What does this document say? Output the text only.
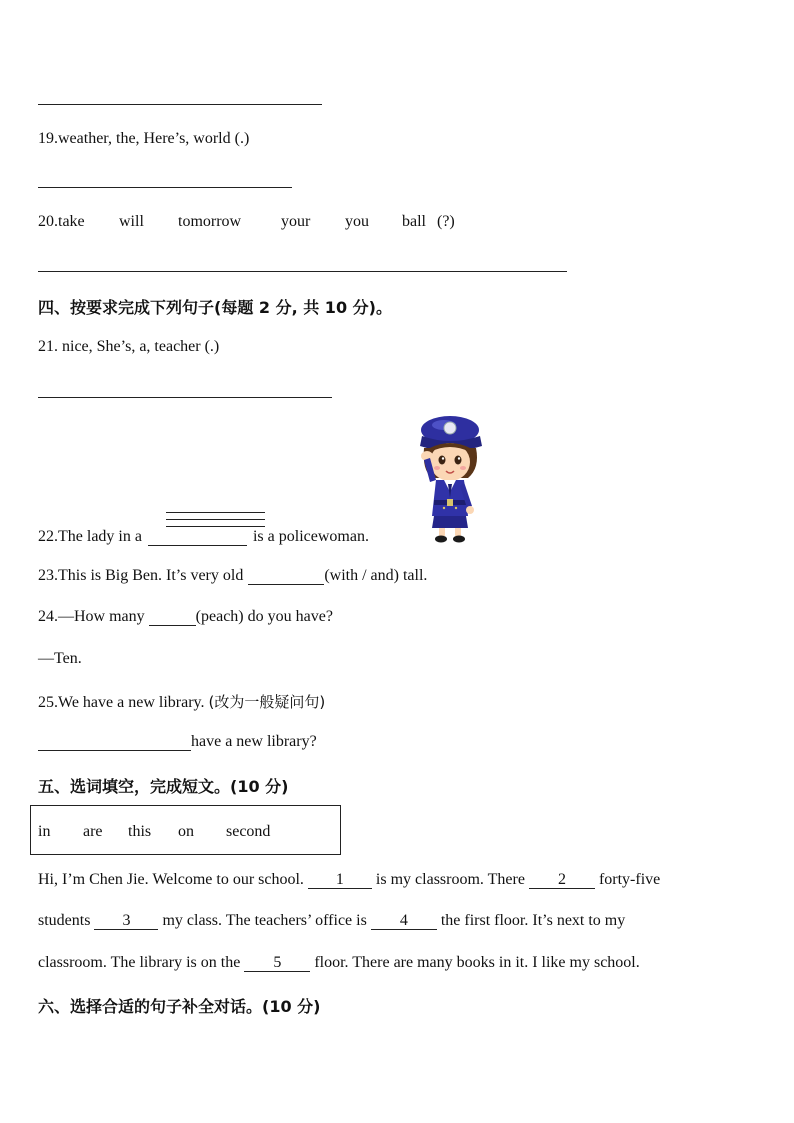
19.weather, the, Here’s, world (.)
20.take will tomorrow your you ball (?)
四、按要求完成下列句子(每题 2 分, 共 10 分)。
21. nice, She’s, a, teacher (.)
22.The lady in a	is a policewoman.
23.This is Big Ben. It’s very old	(with / and) tall.
24.—How many	(peach) do you have?
—Ten.
25.We have a new library. (改为一般疑问句)
have a new library?
五、选词填空，完成短文。(10 分)
in are this on second
Hi, I’m Chen Jie. Welcome to our school. 1 is my classroom. There 2 forty-five
students 3 my class. The teachers’ office is 4 the first floor. It’s next to my
classroom. The library is on the 5 floor. There are many books in it. I like my school.
六、选择合适的句子补全对话。(10 分)
